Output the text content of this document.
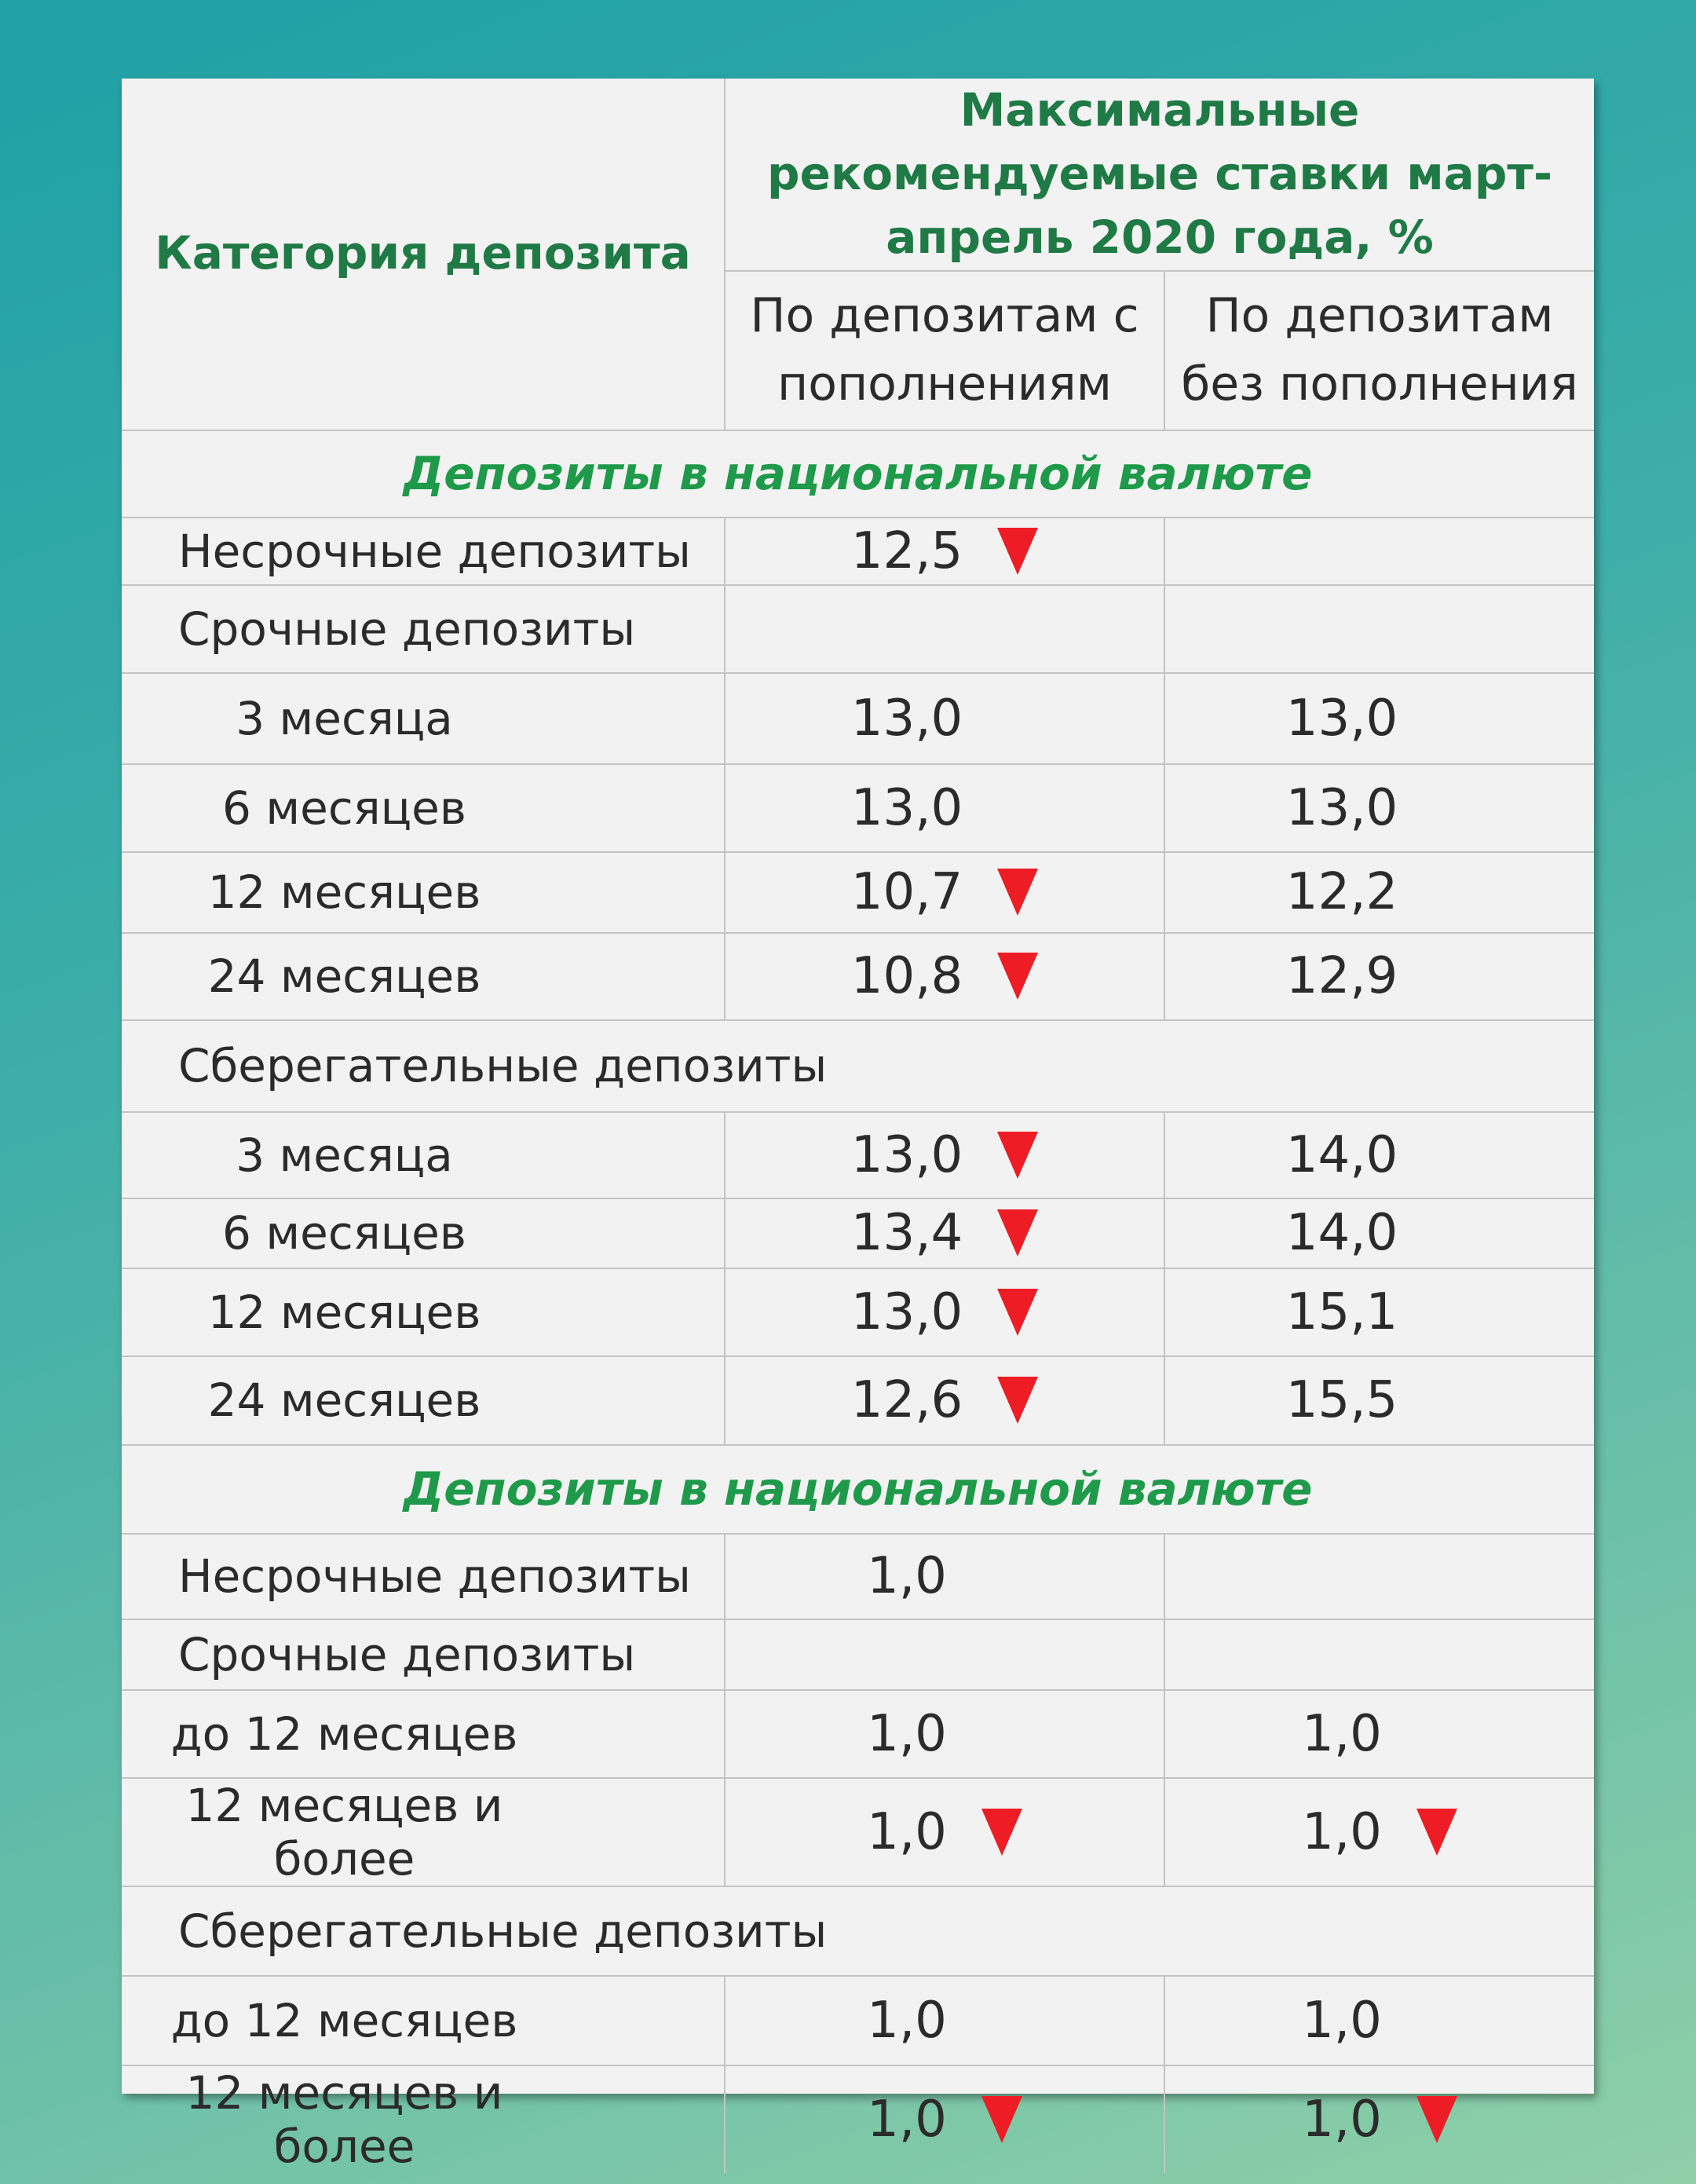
Категория депозита	Максимальные рекомендуемые ставки март-апрель 2020 года, %	
	По депозитам с пополнениям	По депозитам без пополнения
Депозиты в национальной валюте		
Несрочные депозиты	12,5	

Срочные депозиты	

3 месяца	13,0	13,0

6 месяцев	13,0	13,0

12 месяцев	10,7	12,2

24 месяцев	10,8	12,9

Сберегательные депозиты		
3 месяца	13,0	14,0

6 месяцев	13,4	14,0

12 месяцев	13,0	15,1

24 месяцев	12,6	15,5

Депозиты в национальной валюте		
Несрочные депозиты	1,0	

Срочные депозиты	

до 12 месяцев	1,0	1,0

12 месяцев и более	1,0	1,0

Сберегательные депозиты		
до 12 месяцев	1,0	1,0

12 месяцев и более	1,0	1,0
